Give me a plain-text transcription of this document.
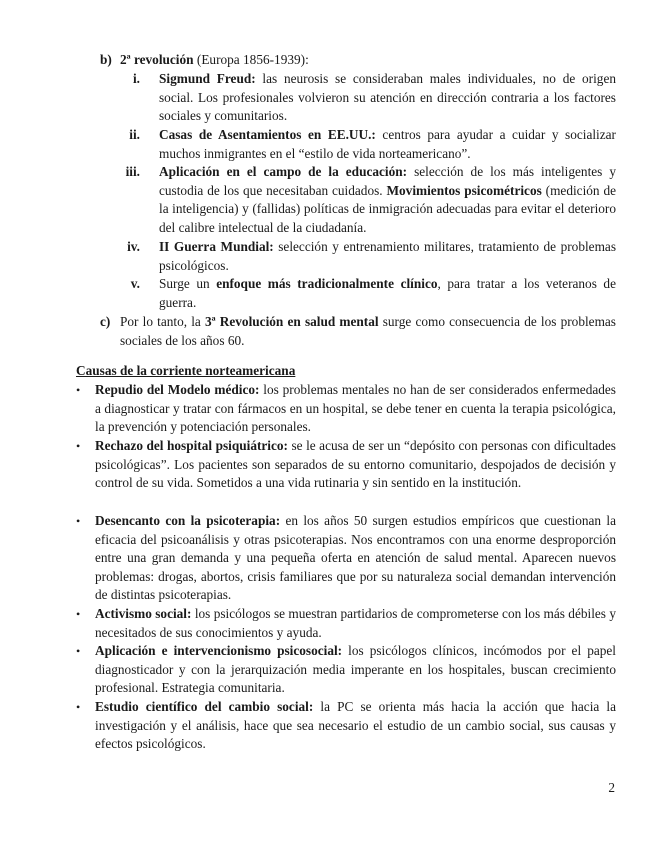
b) 2ª revolución (Europa 1856-1939):

i. Sigmund Freud: las neurosis se consideraban males individuales, no de origen social. Los profesionales volvieron su atención en dirección contraria a los factores sociales y comunitarios.

ii. Casas de Asentamientos en EE.UU.: centros para ayudar a cuidar y socializar muchos inmigrantes en el “estilo de vida norteamericano”.

iii. Aplicación en el campo de la educación: selección de los más inteligentes y custodia de los que necesitaban cuidados. Movimientos psicométricos (medición de la inteligencia) y (fallidas) políticas de inmigración adecuadas para evitar el deterioro del calibre intelectual de la ciudadanía.

iv. II Guerra Mundial: selección y entrenamiento militares, tratamiento de problemas psicológicos.

v. Surge un enfoque más tradicionalmente clínico, para tratar a los veteranos de guerra.

c) Por lo tanto, la 3ª Revolución en salud mental surge como consecuencia de los problemas sociales de los años 60.

Causas de la corriente norteamericana
• Repudio del Modelo médico: los problemas mentales no han de ser considerados enfermedades a diagnosticar y tratar con fármacos en un hospital, se debe tener en cuenta la terapia psicológica, la prevención y potenciación personales.

• Rechazo del hospital psiquiátrico: se le acusa de ser un “depósito con personas con dificultades psicológicas”. Los pacientes son separados de su entorno comunitario, despojados de decisión y control de su vida. Sometidos a una vida rutinaria y sin sentido en la institución.

• Desencanto con la psicoterapia: en los años 50 surgen estudios empíricos que cuestionan la eficacia del psicoanálisis y otras psicoterapias. Nos encontramos con una enorme desproporción entre una gran demanda y una pequeña oferta en atención de salud mental. Aparecen nuevos problemas: drogas, abortos, crisis familiares que por su naturaleza social demandan intervención de distintas psicoterapias.

• Activismo social: los psicólogos se muestran partidarios de comprometerse con los más débiles y necesitados de sus conocimientos y ayuda.

• Aplicación e intervencionismo psicosocial: los psicólogos clínicos, incómodos por el papel diagnosticador y con la jerarquización media imperante en los hospitales, buscan crecimiento profesional. Estrategia comunitaria.

• Estudio científico del cambio social: la PC se orienta más hacia la acción que hacia la investigación y el análisis, hace que sea necesario el estudio de un cambio social, sus causas y efectos psicológicos.

2
